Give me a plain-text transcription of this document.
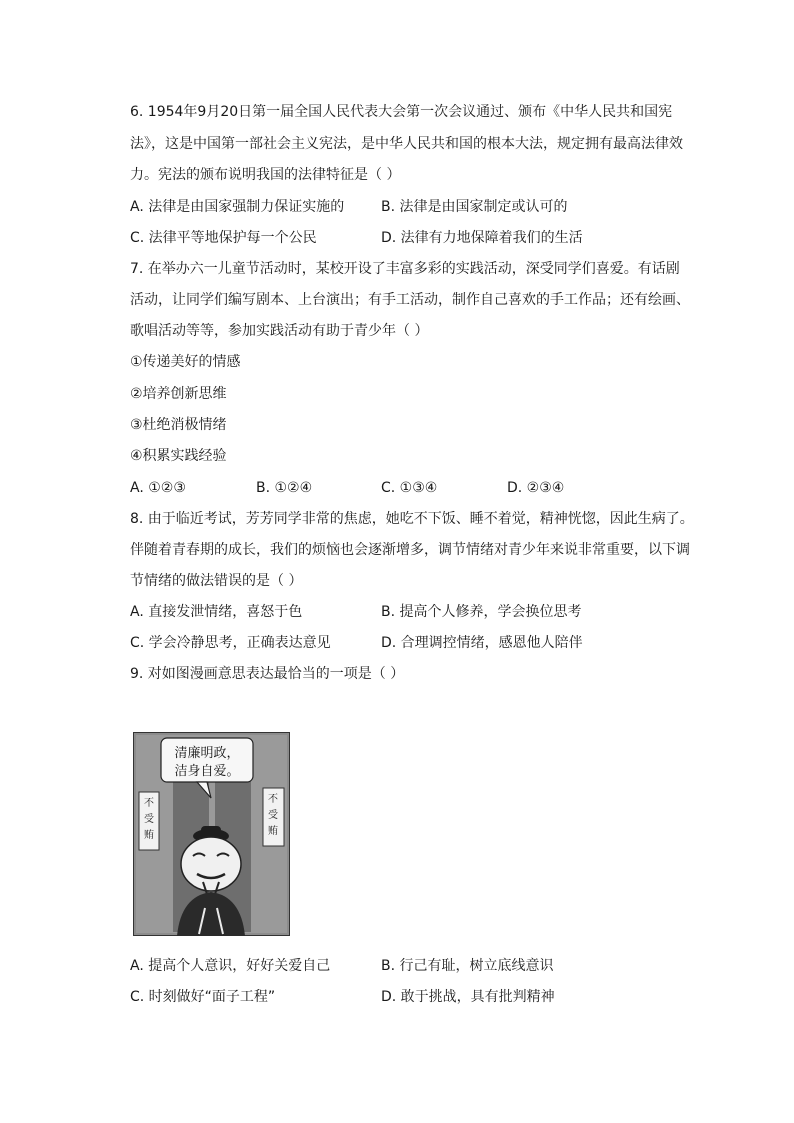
6. 1954年9月20日第一届全国人民代表大会第一次会议通过、颁布《中华人民共和国宪
法》，这是中国第一部社会主义宪法，是中华人民共和国的根本大法，规定拥有最高法律效
力。宪法的颁布说明我国的法律特征是（ ）
A. 法律是由国家强制力保证实施的	B. 法律是由国家制定或认可的
C. 法律平等地保护每一个公民	D. 法律有力地保障着我们的生活
7. 在举办六一儿童节活动时，某校开设了丰富多彩的实践活动，深受同学们喜爱。有话剧
活动，让同学们编写剧本、上台演出；有手工活动，制作自己喜欢的手工作品；还有绘画、
歌唱活动等等，参加实践活动有助于青少年（ ）
①传递美好的情感
②培养创新思维
③杜绝消极情绪
④积累实践经验
A. ①②③	B. ①②④	C. ①③④	D. ②③④
8. 由于临近考试，芳芳同学非常的焦虑，她吃不下饭、睡不着觉，精神恍惚，因此生病了。
伴随着青春期的成长，我们的烦恼也会逐渐增多，调节情绪对青少年来说非常重要，以下调
节情绪的做法错误的是（ ）
A. 直接发泄情绪，喜怒于色	B. 提高个人修养，学会换位思考
C. 学会冷静思考，正确表达意见	D. 合理调控情绪，感恩他人陪伴
9. 对如图漫画意思表达最恰当的一项是（ ）
不
受
贿
不
受
贿
清廉明政，
洁身自爱。
A. 提高个人意识，好好关爱自己	B. 行己有耻，树立底线意识
C. 时刻做好“面子工程”	D. 敢于挑战，具有批判精神
